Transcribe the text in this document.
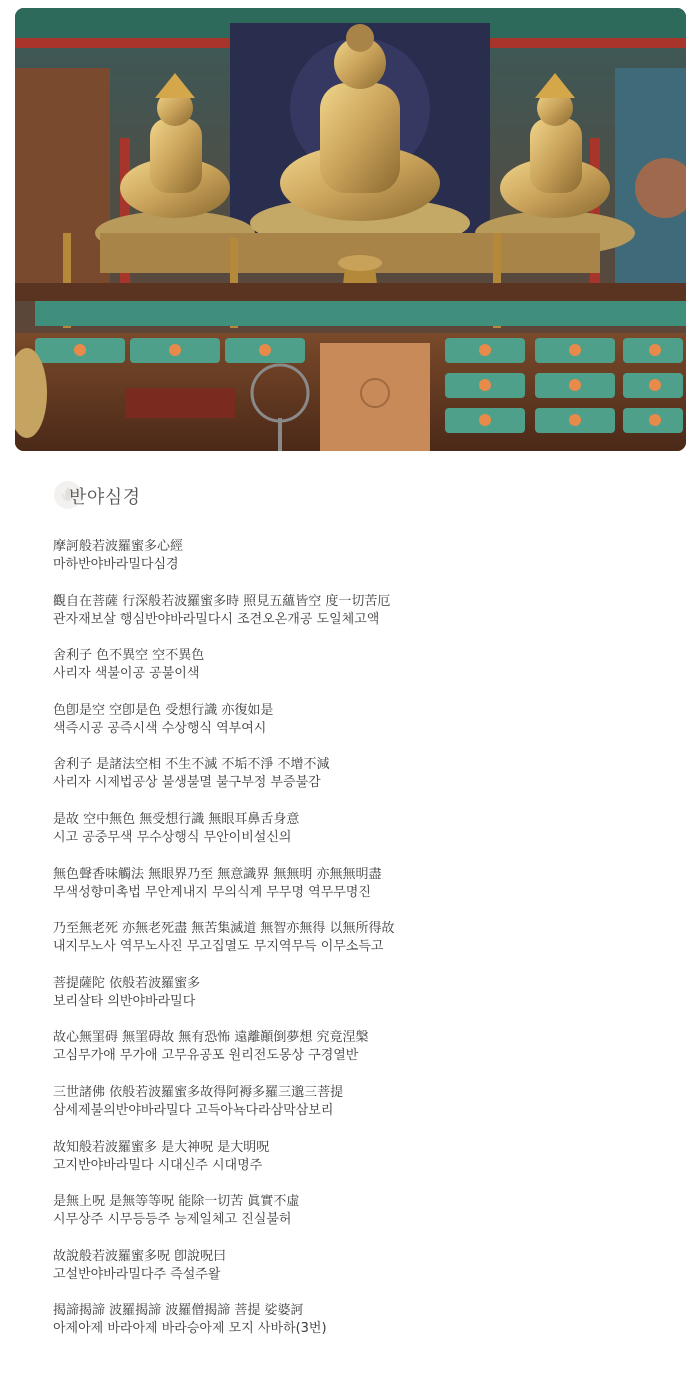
반야심경
摩訶般若波羅蜜多心經
마하반야바라밀다심경
觀自在菩薩 行深般若波羅蜜多時 照見五蘊皆空 度一切苦厄
관자재보살 행심반야바라밀다시 조견오온개공 도일체고액
舍利子 色不異空 空不異色
사리자 색불이공 공불이색
色卽是空 空卽是色 受想行識 亦復如是
색즉시공 공즉시색 수상행식 역부여시
舍利子 是諸法空相 不生不滅 不垢不淨 不增不減
사리자 시제법공상 불생불멸 불구부정 부증불감
是故 空中無色 無受想行識 無眼耳鼻舌身意
시고 공중무색 무수상행식 무안이비설신의
無色聲香味觸法 無眼界乃至 無意識界 無無明 亦無無明盡
무색성향미촉법 무안계내지 무의식계 무무명 역무무명진
乃至無老死 亦無老死盡 無苦集滅道 無智亦無得 以無所得故
내지무노사 역무노사진 무고집멸도 무지역무득 이무소득고
菩提薩陀 依般若波羅蜜多
보리살타 의반야바라밀다
故心無罣碍 無罣碍故 無有恐怖 遠離顚倒夢想 究竟涅槃
고심무가애 무가애 고무유공포 원리전도몽상 구경열반
三世諸佛 依般若波羅蜜多故得阿褥多羅三邈三菩提
삼세제불의반야바라밀다 고득아뇩다라삼막삼보리
故知般若波羅蜜多 是大神呪 是大明呪
고지반야바라밀다 시대신주 시대명주
是無上呪 是無等等呪 能除一切苦 眞實不虛
시무상주 시무등등주 능제일체고 진실불허
故說般若波羅蜜多呪 卽說呪曰
고설반야바라밀다주 즉설주왈
揭諦揭諦 波羅揭諦 波羅僧揭諦 菩提 娑婆訶
아제아제 바라아제 바라승아제 모지 사바하(3번)
